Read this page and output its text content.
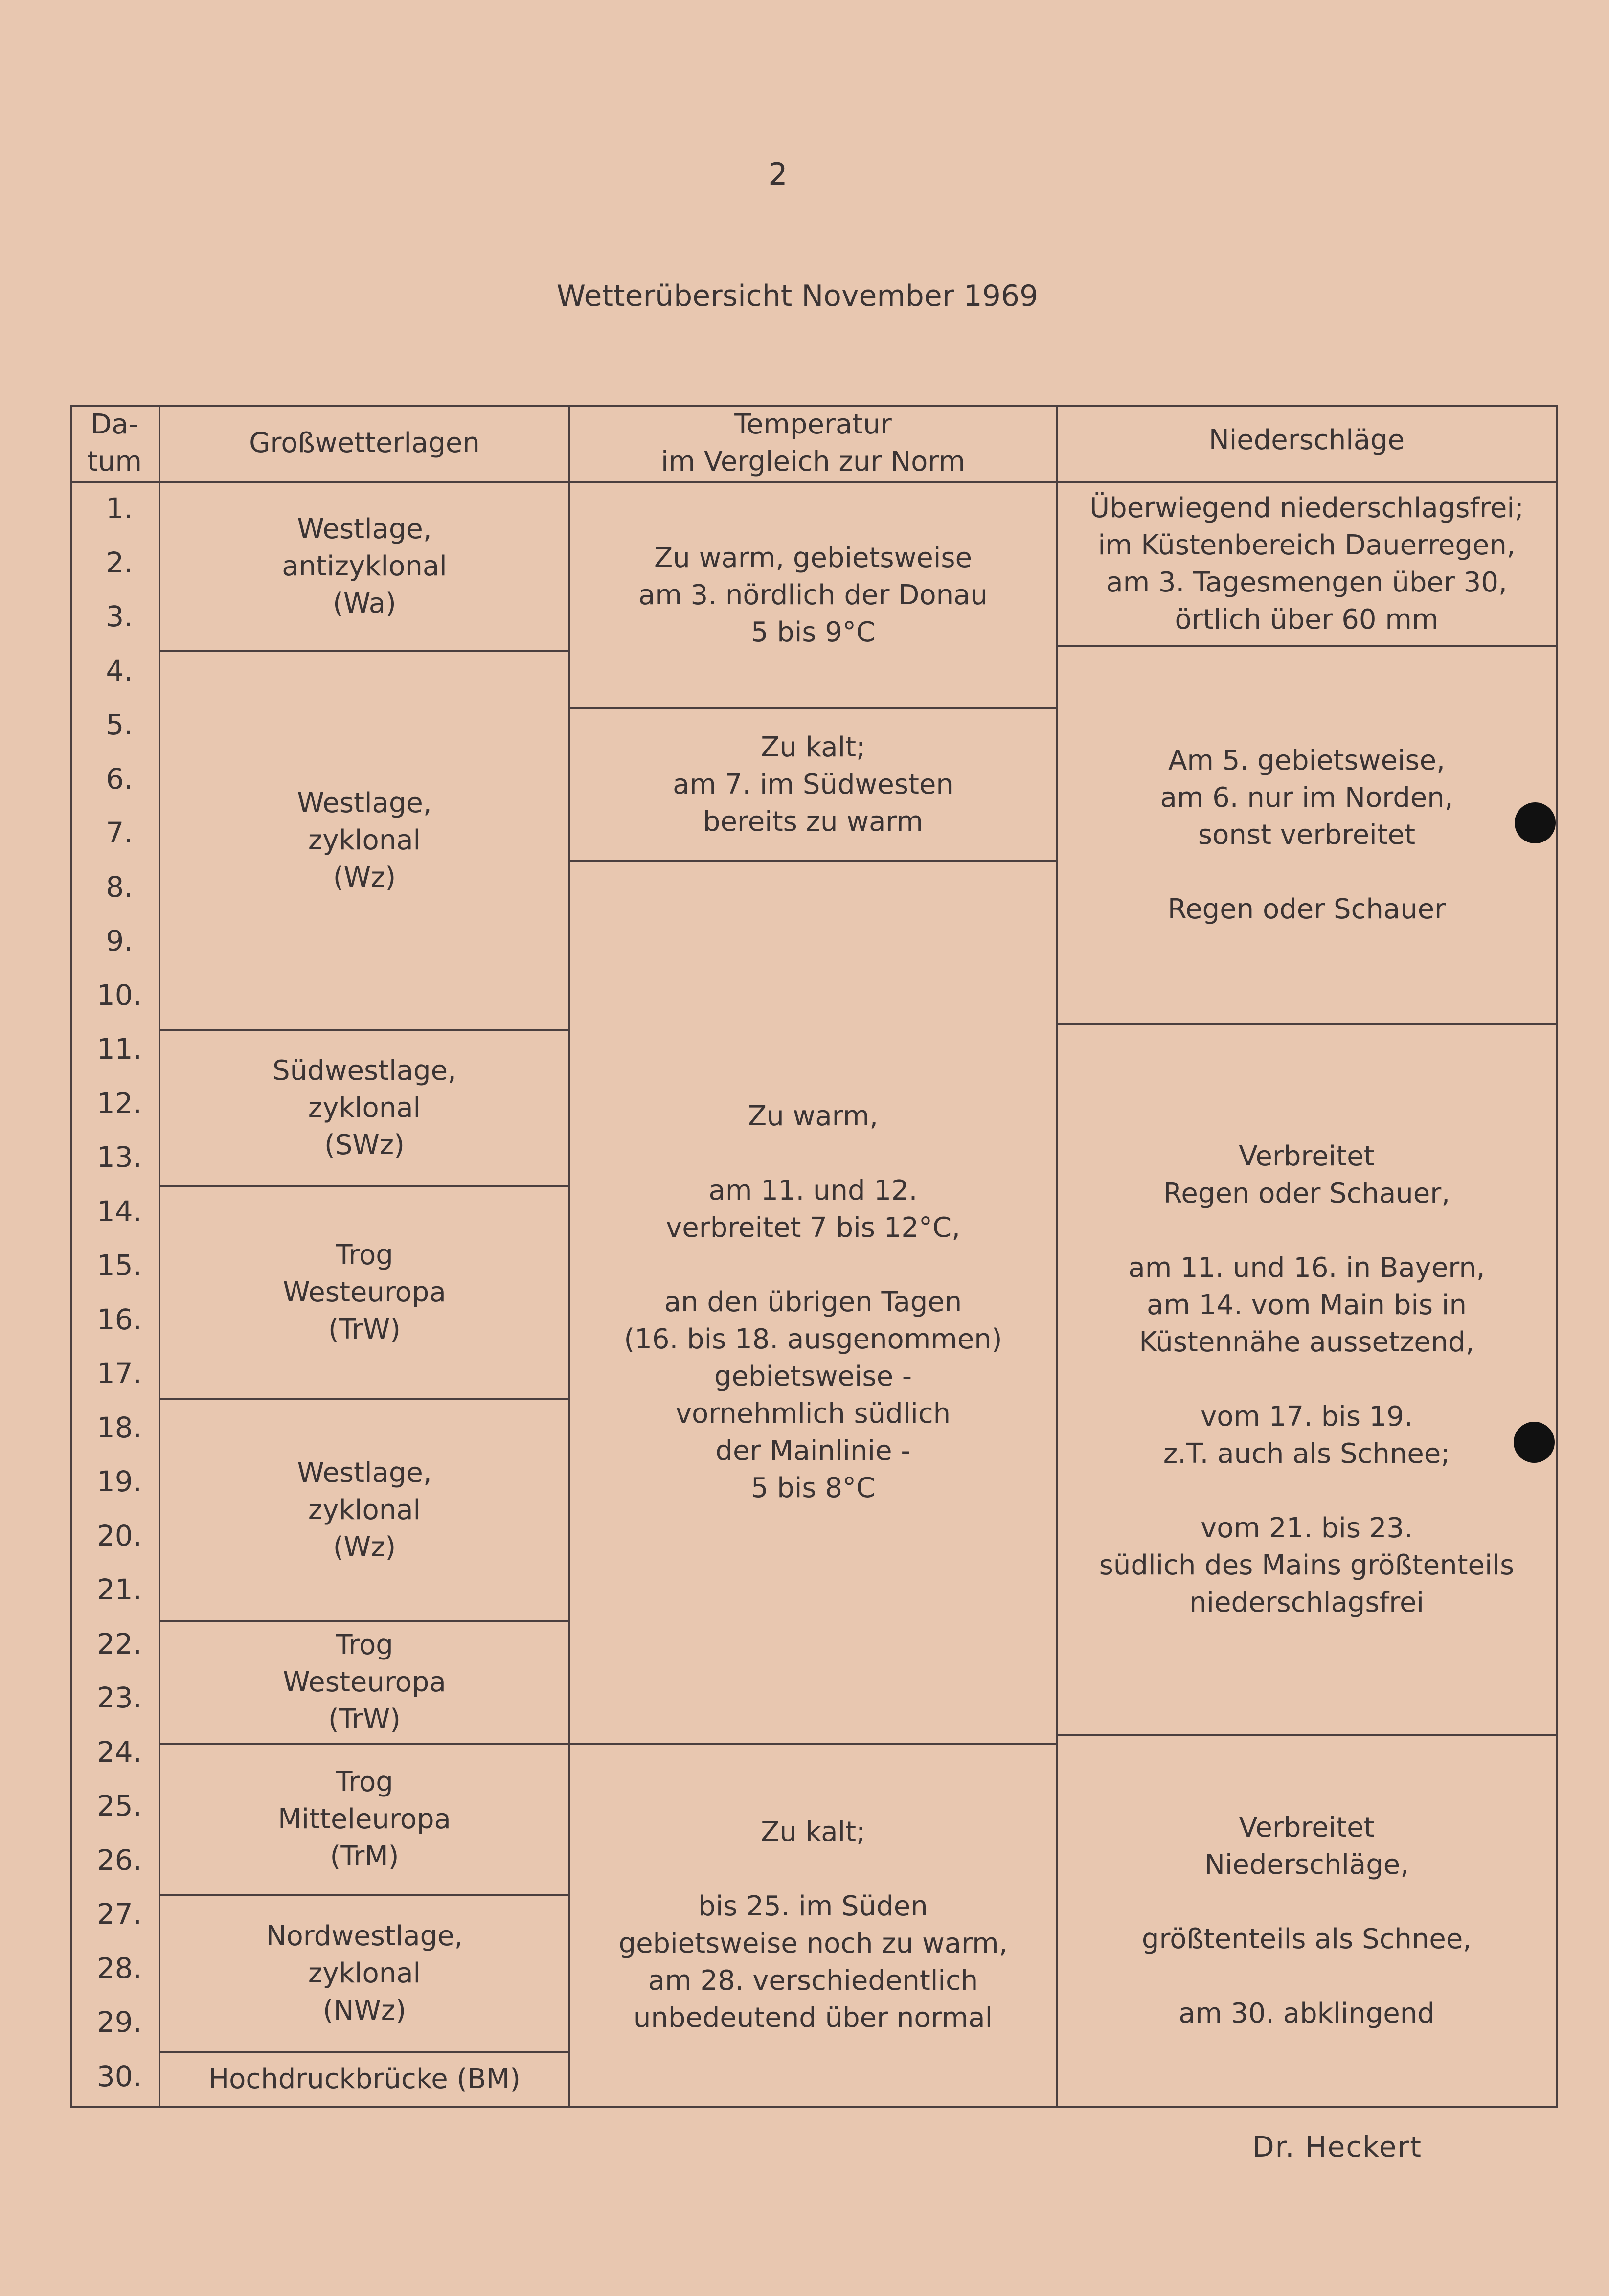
2
Wetterübersicht November 1969
Da-
tum
Großwetterlagen
Temperatur
im Vergleich zur Norm
Niederschläge
1.
2.
3.
4.
5.
6.
7.
8.
9.
10.
11.
12.
13.
14.
15.
16.
17.
18.
19.
20.
21.
22.
23.
24.
25.
26.
27.
28.
29.
30.
Westlage,
antizyklonal
(Wa)
Westlage,
zyklonal
(Wz)
Südwestlage,
zyklonal
(SWz)
Trog
Westeuropa
(TrW)
Westlage,
zyklonal
(Wz)
Trog
Westeuropa
(TrW)
Trog
Mitteleuropa
(TrM)
Nordwestlage,
zyklonal
(NWz)
Hochdruckbrücke (BM)
Zu warm, gebietsweise
am 3. nördlich der Donau
5 bis 9°C
Zu kalt;
am 7. im Südwesten
bereits zu warm
Zu warm,
am 11. und 12.
verbreitet 7 bis 12°C,
an den übrigen Tagen
(16. bis 18. ausgenommen)
gebietsweise -
vornehmlich südlich
der Mainlinie -
5 bis 8°C
Zu kalt;
bis 25. im Süden
gebietsweise noch zu warm,
am 28. verschiedentlich
unbedeutend über normal
Überwiegend niederschlagsfrei;
im Küstenbereich Dauerregen,
am 3. Tagesmengen über 30,
örtlich über 60 mm
Am 5. gebietsweise,
am 6. nur im Norden,
sonst verbreitet
Regen oder Schauer
Verbreitet
Regen oder Schauer,
am 11. und 16. in Bayern,
am 14. vom Main bis in
Küstennähe aussetzend,
vom 17. bis 19.
z.T. auch als Schnee;
vom 21. bis 23.
südlich des Mains größtenteils
niederschlagsfrei
Verbreitet
Niederschläge,
größtenteils als Schnee,
am 30. abklingend
Dr. Heckert
